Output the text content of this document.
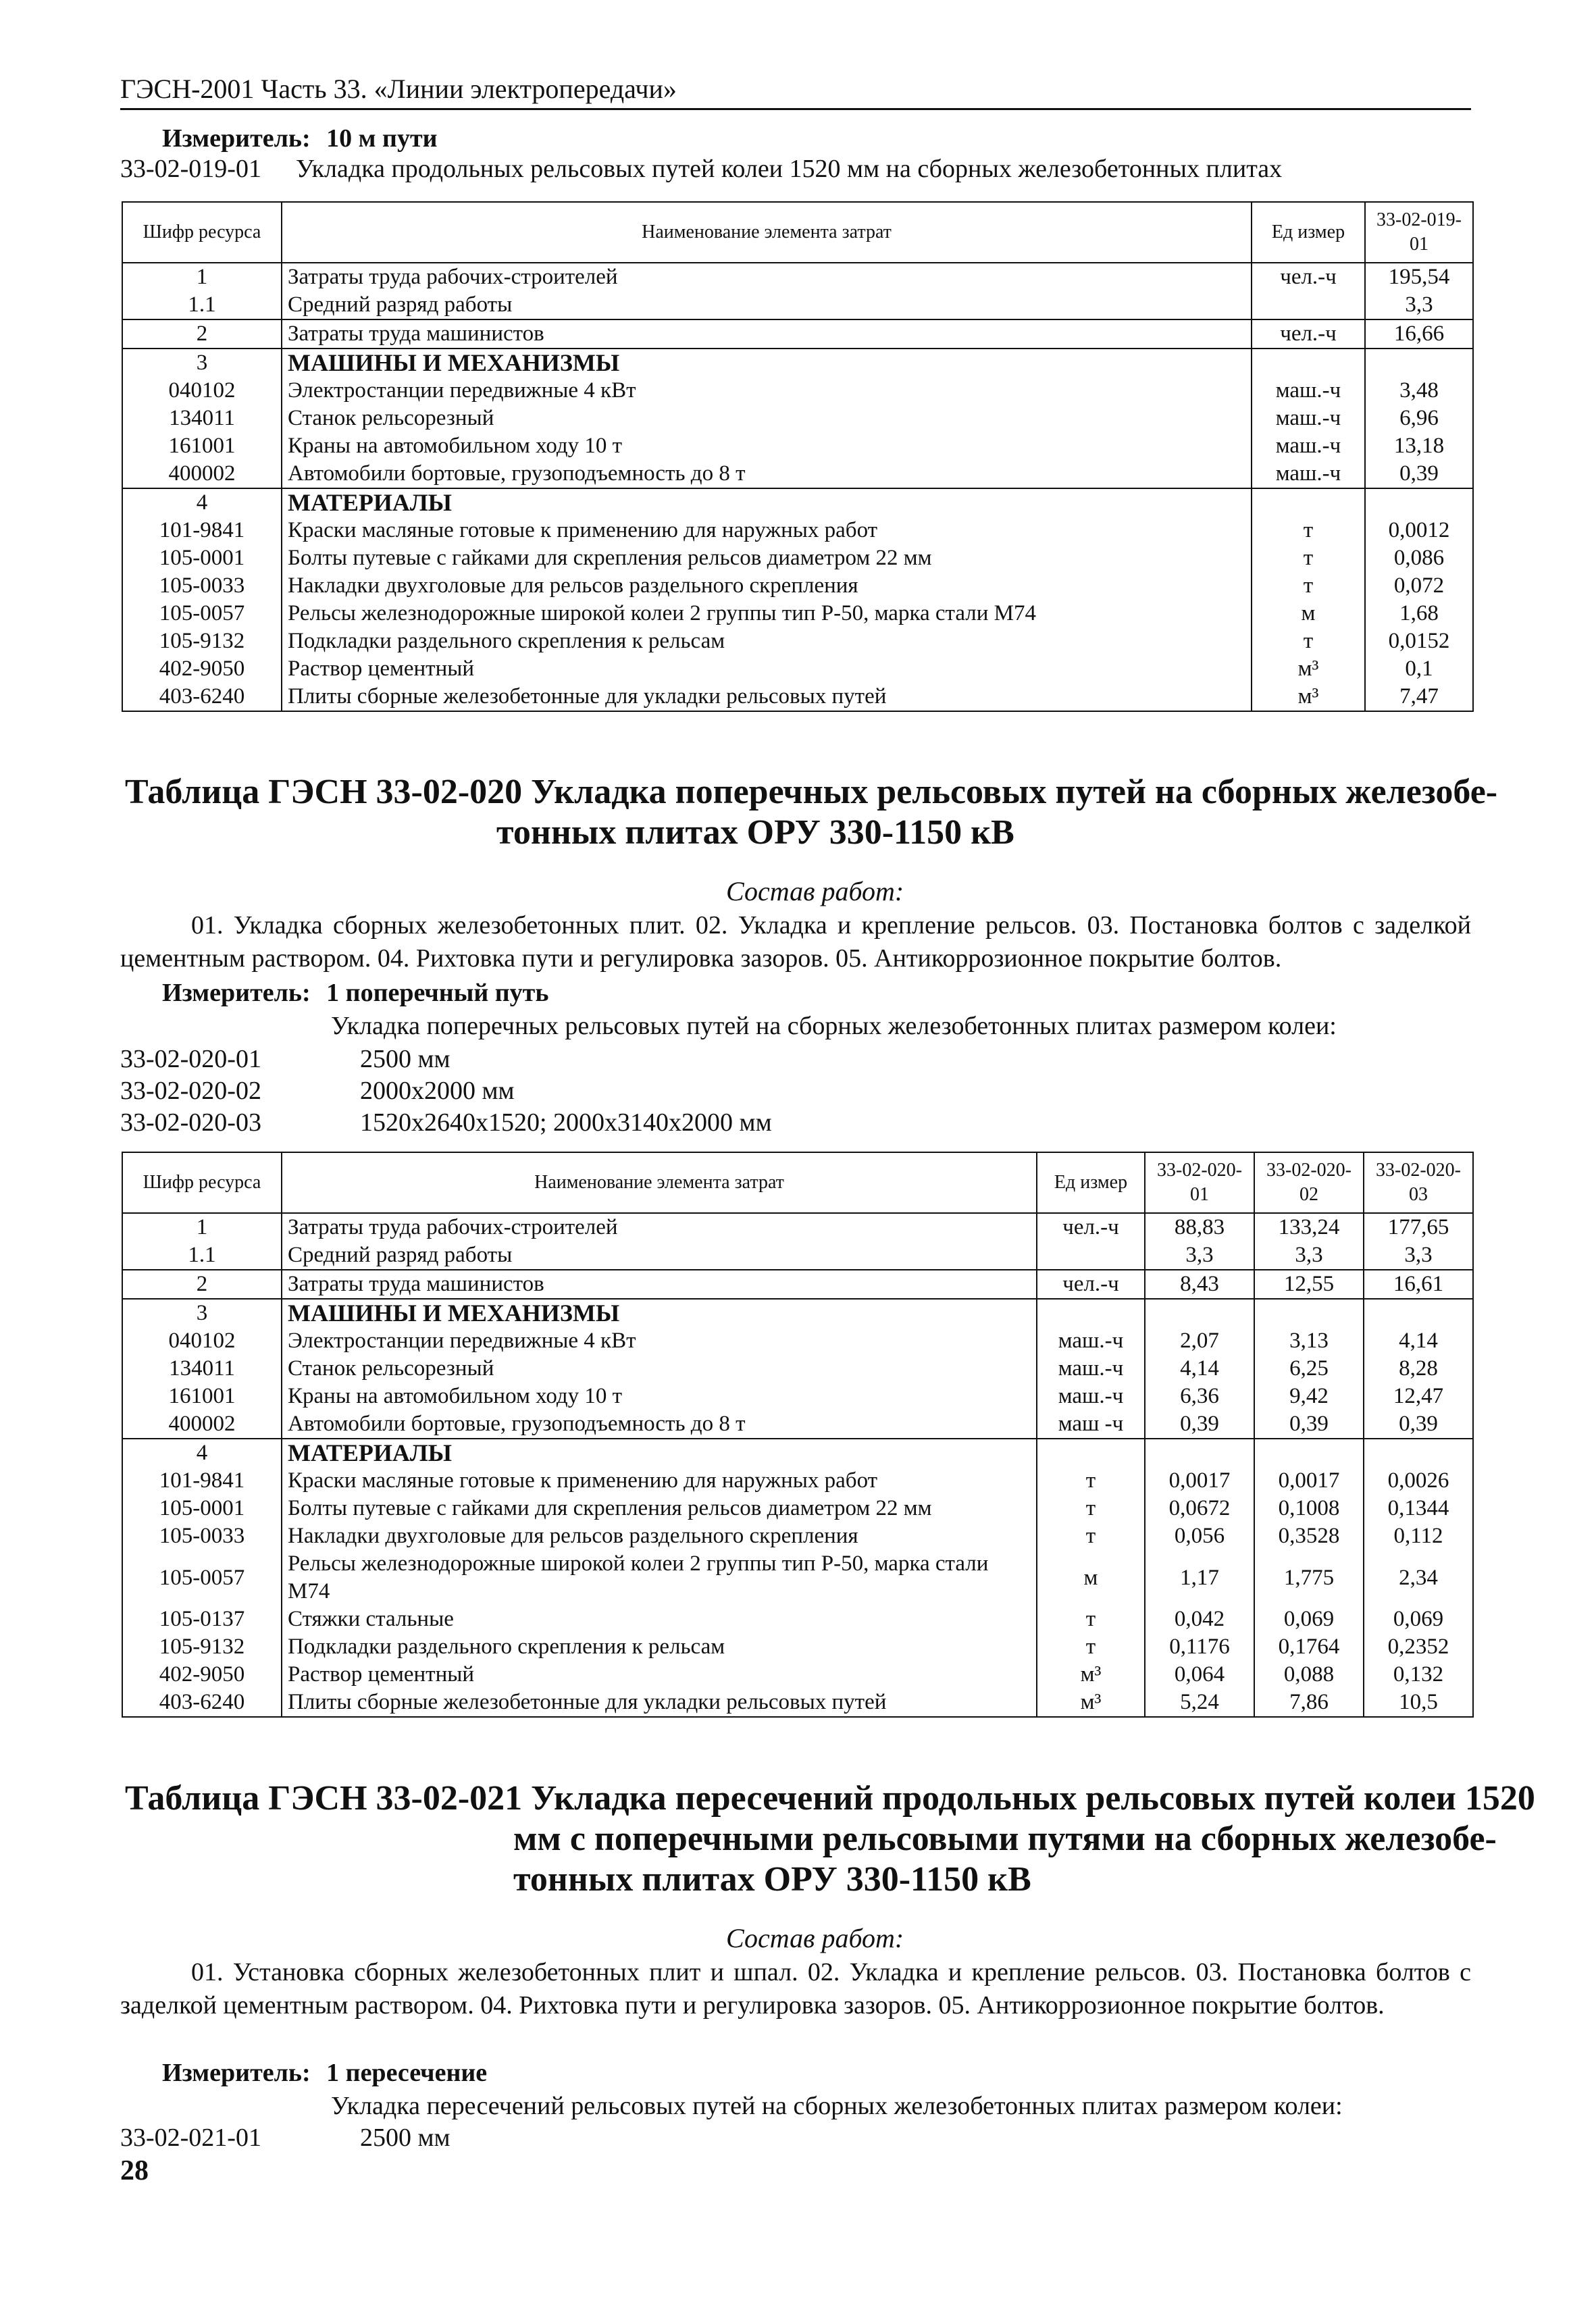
ГЭСН-2001 Часть 33. «Линии электропередачи»
Измеритель: 10 м пути
33-02-019-01 Укладка продольных рельсовых путей колеи 1520 мм на сборных железобетонных плитах
Шифр ресурса	Наименование элемента затрат	Ед измер	33-02-019-01
1	Затраты труда рабочих-строителей	чел.-ч	195,54
1.1	Средний разряд работы		3,3
2	Затраты труда машинистов	чел.-ч	16,66
3	МАШИНЫ И МЕХАНИЗМЫ		
040102	Электростанции передвижные 4 кВт	маш.-ч	3,48
134011	Станок рельсорезный	маш.-ч	6,96
161001	Краны на автомобильном ходу 10 т	маш.-ч	13,18
400002	Автомобили бортовые, грузоподъемность до 8 т	маш.-ч	0,39
4	МАТЕРИАЛЫ		
101-9841	Краски масляные готовые к применению для наружных работ	т	0,0012
105-0001	Болты путевые с гайками для скрепления рельсов диаметром 22 мм	т	0,086
105-0033	Накладки двухголовые для рельсов раздельного скрепления	т	0,072
105-0057	Рельсы железнодорожные широкой колеи 2 группы тип Р-50, марка стали М74	м	1,68
105-9132	Подкладки раздельного скрепления к рельсам	т	0,0152
402-9050	Раствор цементный	м³	0,1
403-6240	Плиты сборные железобетонные для укладки рельсовых путей	м³	7,47
Таблица ГЭСН 33-02-020 Укладка поперечных рельсовых путей на сборных железобе-
тонных плитах ОРУ 330-1150 кВ
Состав работ:
01. Укладка сборных железобетонных плит. 02. Укладка и крепление рельсов. 03. Постановка болтов с заделкой цементным раствором. 04. Рихтовка пути и регулировка зазоров. 05. Антикоррозионное покрытие болтов.
Измеритель: 1 поперечный путь
Укладка поперечных рельсовых путей на сборных железобетонных плитах размером колеи:
33-02-020-01	2500 мм
33-02-020-02	2000x2000 мм
33-02-020-03	1520x2640x1520; 2000x3140x2000 мм
Шифр ресурса	Наименование элемента затрат	Ед измер	33-02-020-01	33-02-020-02	33-02-020-03
1	Затраты труда рабочих-строителей	чел.-ч	88,83	133,24	177,65
1.1	Средний разряд работы		3,3	3,3	3,3
2	Затраты труда машинистов	чел.-ч	8,43	12,55	16,61
3	МАШИНЫ И МЕХАНИЗМЫ				
040102	Электростанции передвижные 4 кВт	маш.-ч	2,07	3,13	4,14
134011	Станок рельсорезный	маш.-ч	4,14	6,25	8,28
161001	Краны на автомобильном ходу 10 т	маш.-ч	6,36	9,42	12,47
400002	Автомобили бортовые, грузоподъемность до 8 т	маш -ч	0,39	0,39	0,39
4	МАТЕРИАЛЫ				
101-9841	Краски масляные готовые к применению для наружных работ	т	0,0017	0,0017	0,0026
105-0001	Болты путевые с гайками для скрепления рельсов диаметром 22 мм	т	0,0672	0,1008	0,1344
105-0033	Накладки двухголовые для рельсов раздельного скрепления	т	0,056	0,3528	0,112
105-0057	Рельсы железнодорожные широкой колеи 2 группы тип Р-50, марка стали М74	м	1,17	1,775	2,34
105-0137	Стяжки стальные	т	0,042	0,069	0,069
105-9132	Подкладки раздельного скрепления к рельсам	т	0,1176	0,1764	0,2352
402-9050	Раствор цементный	м³	0,064	0,088	0,132
403-6240	Плиты сборные железобетонные для укладки рельсовых путей	м³	5,24	7,86	10,5
Таблица ГЭСН 33-02-021 Укладка пересечений продольных рельсовых путей колеи 1520
мм с поперечными рельсовыми путями на сборных железобе-
тонных плитах ОРУ 330-1150 кВ
Состав работ:
01. Установка сборных железобетонных плит и шпал. 02. Укладка и крепление рельсов. 03. Постановка болтов с заделкой цементным раствором. 04. Рихтовка пути и регулировка зазоров. 05. Антикоррозионное покрытие болтов.
Измеритель: 1 пересечение
Укладка пересечений рельсовых путей на сборных железобетонных плитах размером колеи:
33-02-021-01	2500 мм
28
